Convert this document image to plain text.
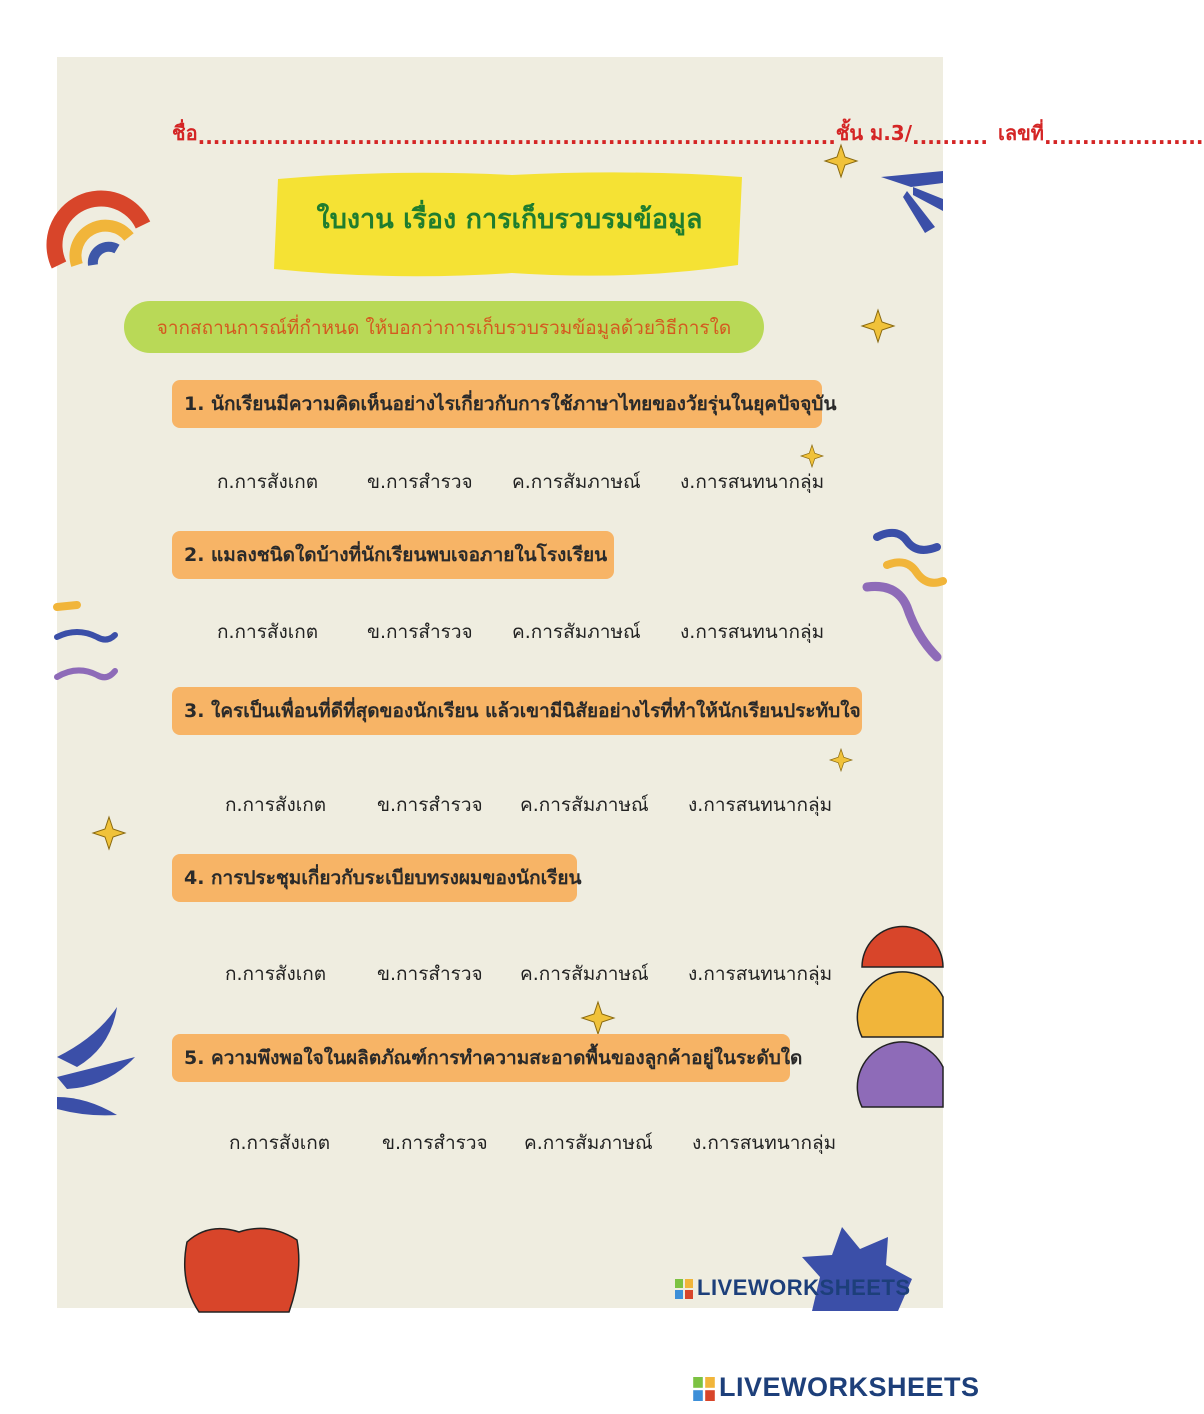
ชื่อ .................................................................................... ชั้น ม.3/ .......... เลขที่ .....................
ใบงาน เรื่อง การเก็บรวบรมข้อมูล
จากสถานการณ์ที่กำหนด ให้บอกว่าการเก็บรวบรวมข้อมูลด้วยวิธีการใด
1. นักเรียนมีความคิดเห็นอย่างไรเกี่ยวกับการใช้ภาษาไทยของวัยรุ่นในยุคปัจจุบัน
ก.การสังเกต	ข.การสำรวจ ค.การสัมภาษณ์ ง.การสนทนากลุ่ม
2. แมลงชนิดใดบ้างที่นักเรียนพบเจอภายในโรงเรียน
ก.การสังเกต	ข.การสำรวจ ค.การสัมภาษณ์ ง.การสนทนากลุ่ม
3. ใครเป็นเพื่อนที่ดีที่สุดของนักเรียน แล้วเขามีนิสัยอย่างไรที่ทำให้นักเรียนประทับใจ
ก.การสังเกต	ข.การสำรวจ ค.การสัมภาษณ์ ง.การสนทนากลุ่ม
4. การประชุมเกี่ยวกับระเบียบทรงผมของนักเรียน
ก.การสังเกต	ข.การสำรวจ ค.การสัมภาษณ์ ง.การสนทนากลุ่ม
5. ความพึงพอใจในผลิตภัณฑ์การทำความสะอาดพื้นของลูกค้าอยู่ในระดับใด
ก.การสังเกต	ข.การสำรวจ ค.การสัมภาษณ์ ง.การสนทนากลุ่ม
LIVEWORKSHEETS
LIVEWORKSHEETS
